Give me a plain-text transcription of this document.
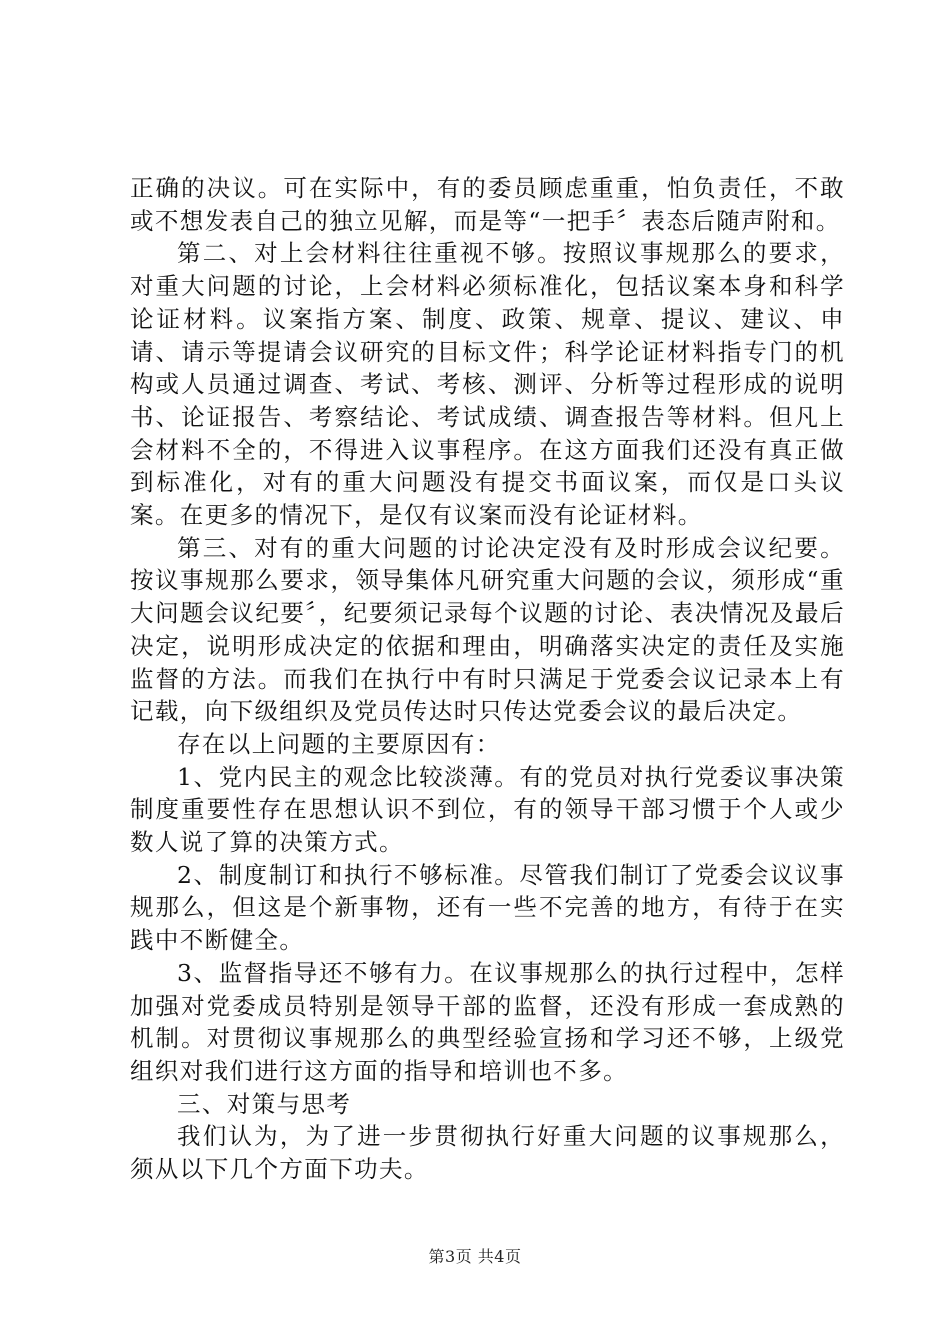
正确的决议。可在实际中，有的委员顾虑重重，怕负责任，不敢或不想发表自己的独立见解，而是等“一把手〞表态后随声附和。

第二、对上会材料往往重视不够。按照议事规那么的要求，对重大问题的讨论，上会材料必须标准化，包括议案本身和科学论证材料。议案指方案、制度、政策、规章、提议、建议、申请、请示等提请会议研究的目标文件；科学论证材料指专门的机构或人员通过调查、考试、考核、测评、分析等过程形成的说明书、论证报告、考察结论、考试成绩、调查报告等材料。但凡上会材料不全的，不得进入议事程序。在这方面我们还没有真正做到标准化，对有的重大问题没有提交书面议案，而仅是口头议案。在更多的情况下，是仅有议案而没有论证材料。

第三、对有的重大问题的讨论决定没有及时形成会议纪要。按议事规那么要求，领导集体凡研究重大问题的会议，须形成“重大问题会议纪要〞，纪要须记录每个议题的讨论、表决情况及最后决定，说明形成决定的依据和理由，明确落实决定的责任及实施监督的方法。而我们在执行中有时只满足于党委会议记录本上有记载，向下级组织及党员传达时只传达党委会议的最后决定。

存在以上问题的主要原因有：

1、党内民主的观念比较淡薄。有的党员对执行党委议事决策制度重要性存在思想认识不到位，有的领导干部习惯于个人或少数人说了算的决策方式。

2、制度制订和执行不够标准。尽管我们制订了党委会议议事规那么，但这是个新事物，还有一些不完善的地方，有待于在实践中不断健全。

3、监督指导还不够有力。在议事规那么的执行过程中，怎样加强对党委成员特别是领导干部的监督，还没有形成一套成熟的机制。对贯彻议事规那么的典型经验宣扬和学习还不够，上级党组织对我们进行这方面的指导和培训也不多。

三、对策与思考

我们认为，为了进一步贯彻执行好重大问题的议事规那么，须从以下几个方面下功夫。

第3页 共4页
